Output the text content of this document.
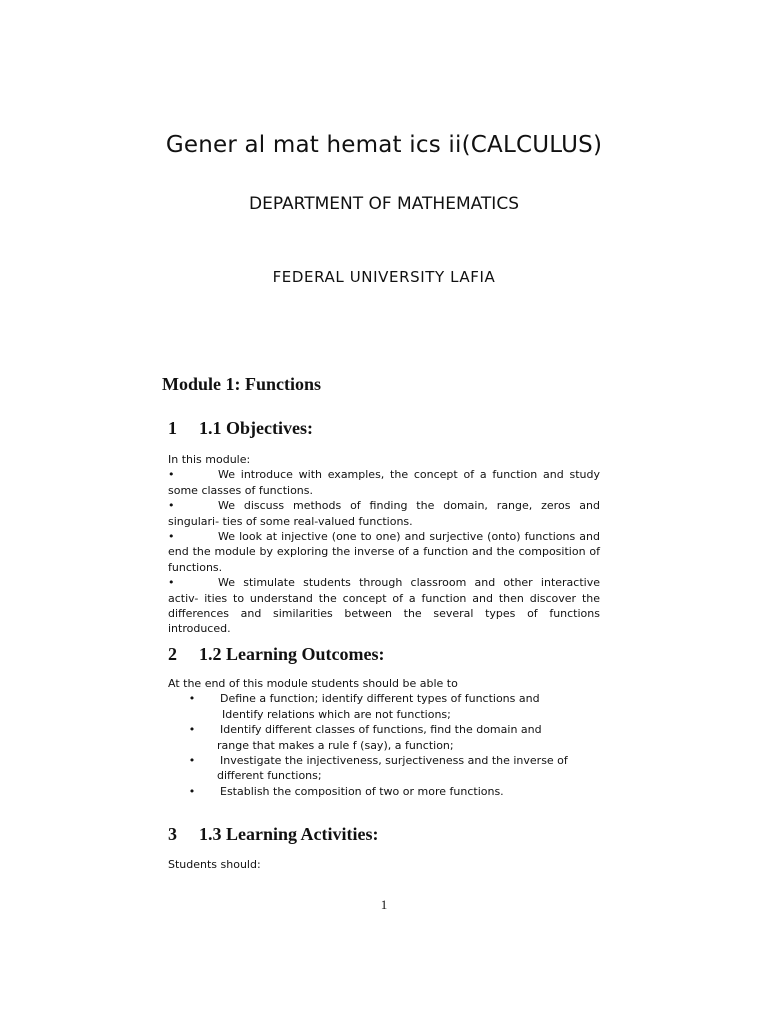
Gener al mat hemat ics ii(CALCULUS)
DEPARTMENT OF MATHEMATICS
FEDERAL UNIVERSITY LAFIA
Module 1: Functions
1 1.1 Objectives:
In this module:
•	We introduce with examples, the concept of a function and study some classes of functions.
•	We discuss methods of finding the domain, range, zeros and singulari- ties of some real-valued functions.
•	We look at injective (one to one) and surjective (onto) functions and end the module by exploring the inverse of a function and the composition of functions.
•	We stimulate students through classroom and other interactive activ- ities to understand the concept of a function and then discover the differences and similarities between the several types of functions introduced.
2 1.2 Learning Outcomes:
At the end of this module students should be able to
• Define a function; identify different types of functions and
Identify relations which are not functions;
• Identify different classes of functions, find the domain and
range that makes a rule f (say), a function;
• Investigate the injectiveness, surjectiveness and the inverse of
different functions;
• Establish the composition of two or more functions.
3 1.3 Learning Activities:
Students should:
1
